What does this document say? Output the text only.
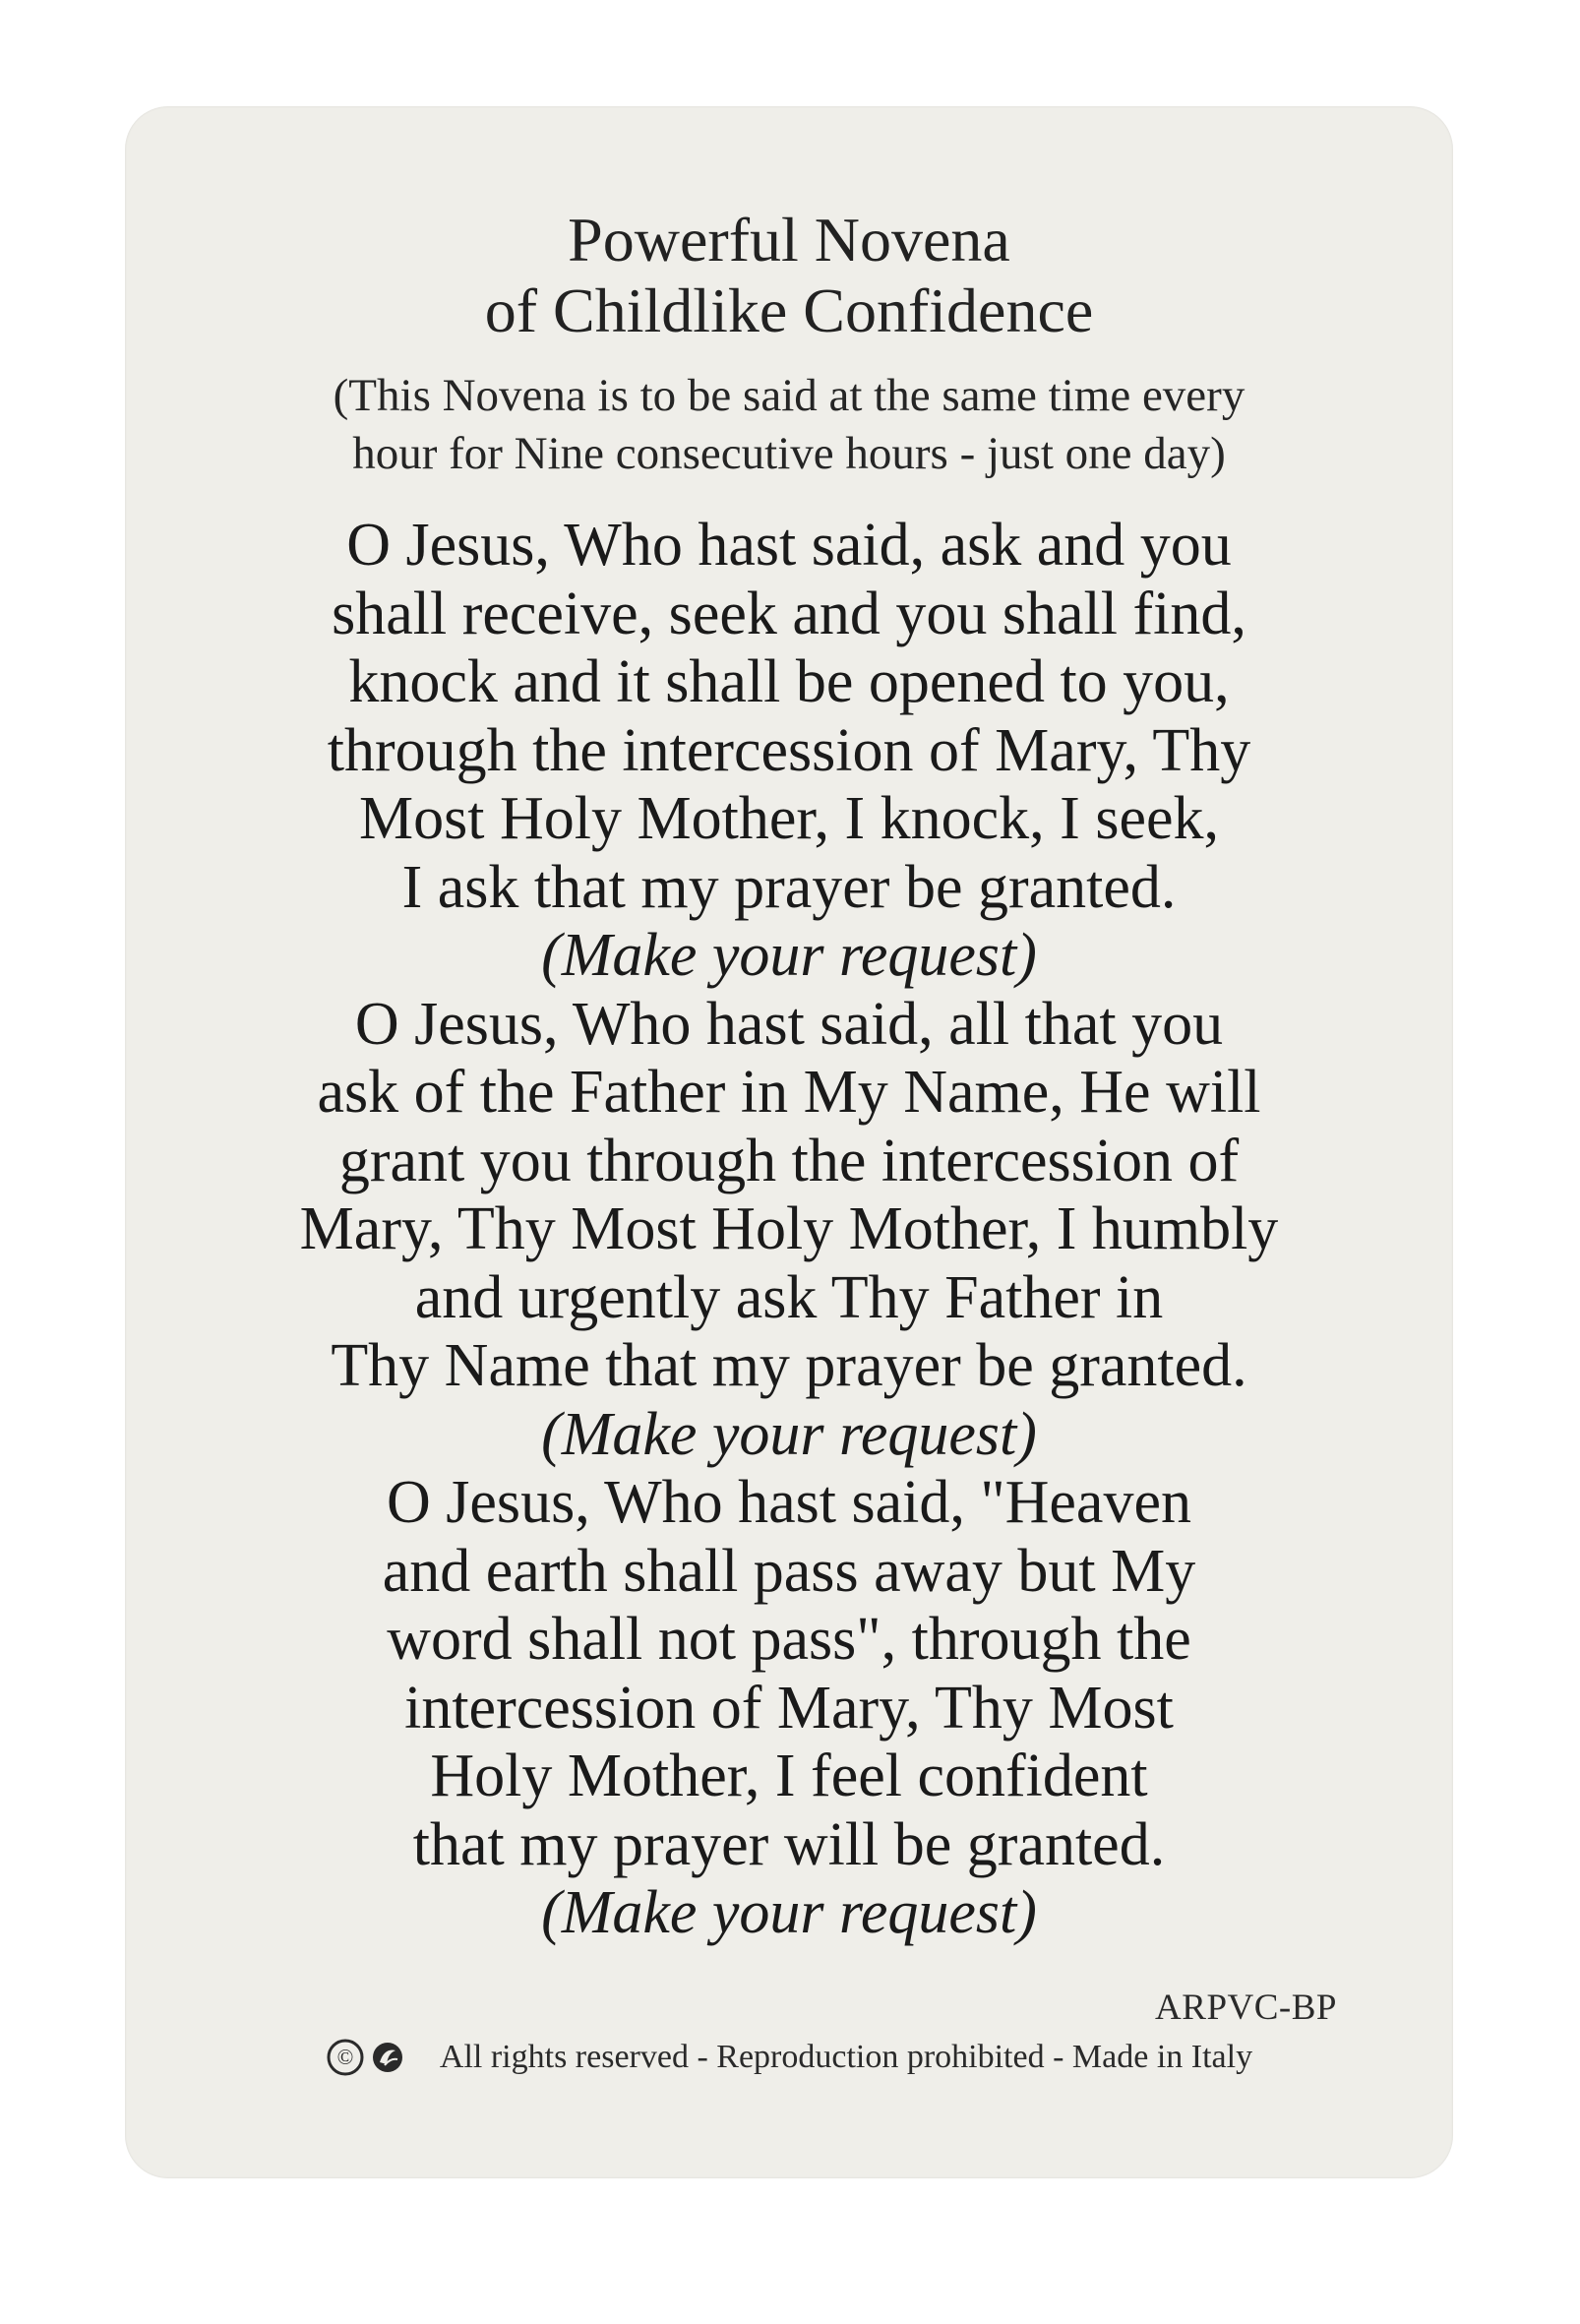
Powerful Novena
of Childlike Confidence
(This Novena is to be said at the same time every
hour for Nine consecutive hours - just one day)
O Jesus, Who hast said, ask and you
shall receive, seek and you shall find,
knock and it shall be opened to you,
through the intercession of Mary, Thy
Most Holy Mother, I knock, I seek,
I ask that my prayer be granted.
(Make your request)
O Jesus, Who hast said, all that you
ask of the Father in My Name, He will
grant you through the intercession of
Mary, Thy Most Holy Mother, I humbly
and urgently ask Thy Father in
Thy Name that my prayer be granted.
(Make your request)
O Jesus, Who hast said, "Heaven
and earth shall pass away but My
word shall not pass", through the
intercession of Mary, Thy Most
Holy Mother, I feel confident
that my prayer will be granted.
(Make your request)
ARPVC-BP
©	All rights reserved - Reproduction prohibited - Made in Italy
